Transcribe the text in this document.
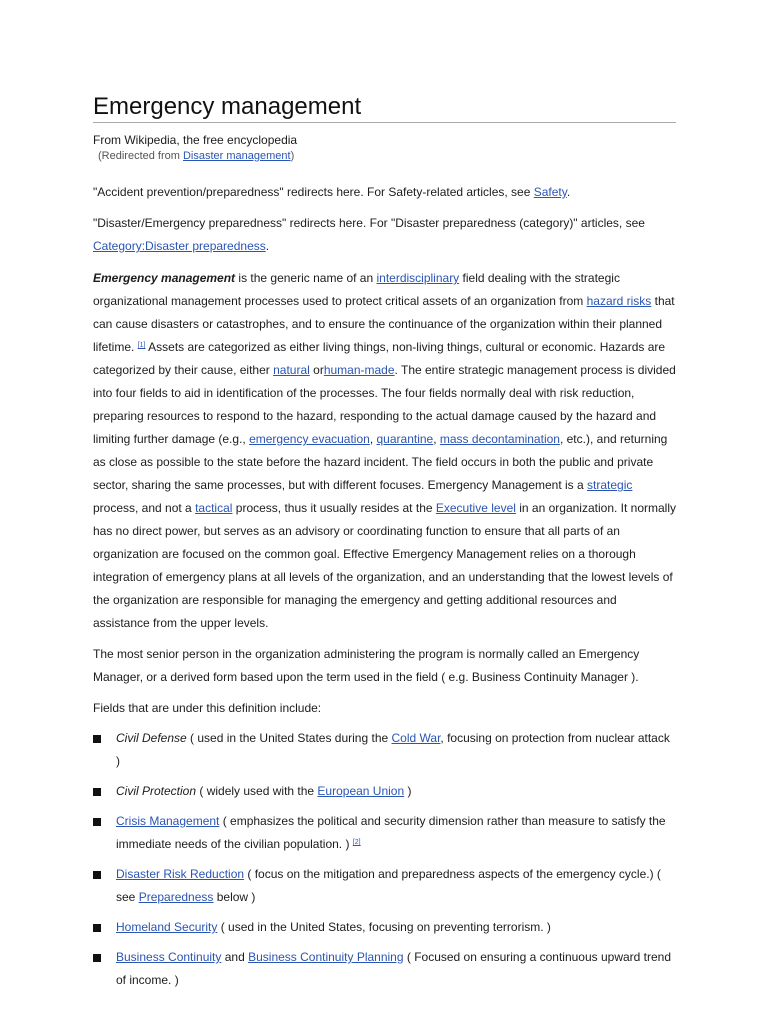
Emergency management
From Wikipedia, the free encyclopedia
(Redirected from Disaster management)

"Accident prevention/preparedness" redirects here. For Safety-related articles, see Safety.

"Disaster/Emergency preparedness" redirects here. For "Disaster preparedness (category)" articles, see Category:Disaster preparedness.

Emergency management is the generic name of an interdisciplinary field dealing with the strategic organizational management processes used to protect critical assets of an organization from hazard risks that can cause disasters or catastrophes, and to ensure the continuance of the organization within their planned lifetime. [1] Assets are categorized as either living things, non-living things, cultural or economic. Hazards are categorized by their cause, either natural orhuman-made. The entire strategic management process is divided into four fields to aid in identification of the processes. The four fields normally deal with risk reduction, preparing resources to respond to the hazard, responding to the actual damage caused by the hazard and limiting further damage (e.g., emergency evacuation, quarantine, mass decontamination, etc.), and returning as close as possible to the state before the hazard incident. The field occurs in both the public and private sector, sharing the same processes, but with different focuses. Emergency Management is a strategic process, and not a tactical process, thus it usually resides at the Executive level in an organization. It normally has no direct power, but serves as an advisory or coordinating function to ensure that all parts of an organization are focused on the common goal. Effective Emergency Management relies on a thorough integration of emergency plans at all levels of the organization, and an understanding that the lowest levels of the organization are responsible for managing the emergency and getting additional resources and assistance from the upper levels.

The most senior person in the organization administering the program is normally called an Emergency Manager, or a derived form based upon the term used in the field ( e.g. Business Continuity Manager ).

Fields that are under this definition include:

Civil Defense ( used in the United States during the Cold War, focusing on protection from nuclear attack )
Civil Protection ( widely used with the European Union )
Crisis Management ( emphasizes the political and security dimension rather than measure to satisfy the immediate needs of the civilian population. ) [2]
Disaster Risk Reduction ( focus on the mitigation and preparedness aspects of the emergency cycle.) ( see Preparedness below )
Homeland Security ( used in the United States, focusing on preventing terrorism. )
Business Continuity and Business Continuity Planning ( Focused on ensuring a continuous upward trend of income. )
